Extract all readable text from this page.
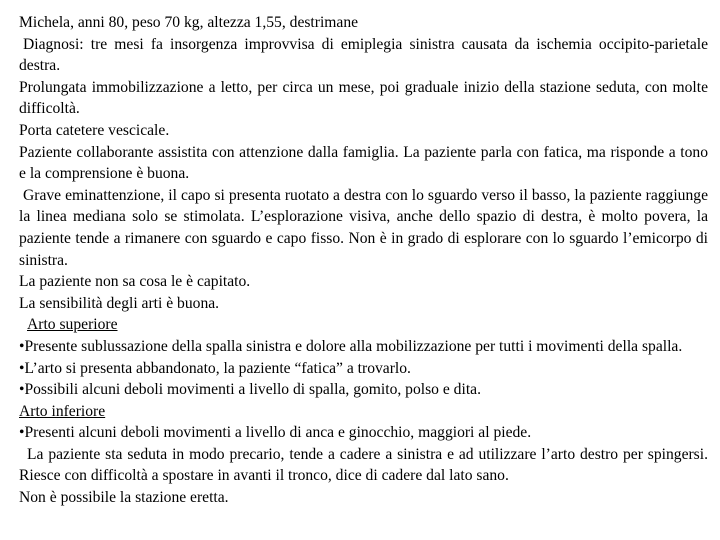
Michela, anni 80, peso 70 kg, altezza 1,55, destrimane

Diagnosi: tre mesi fa insorgenza improvvisa di emiplegia sinistra causata da ischemia occipito-parietale destra.

Prolungata immobilizzazione a letto, per circa un mese, poi graduale inizio della stazione seduta, con molte difficoltà.

Porta catetere vescicale.

Paziente collaborante assistita con attenzione dalla famiglia. La paziente parla con fatica, ma risponde a tono e la comprensione è buona.

Grave eminattenzione, il capo si presenta ruotato a destra con lo sguardo verso il basso, la paziente raggiunge la linea mediana solo se stimolata. L’esplorazione visiva, anche dello spazio di destra, è molto povera, la paziente tende a rimanere con sguardo e capo fisso. Non è in grado di esplorare con lo sguardo l’emicorpo di sinistra.

La paziente non sa cosa le è capitato.

La sensibilità degli arti è buona.

Arto superiore

•Presente sublussazione della spalla sinistra e dolore alla mobilizzazione per tutti i movimenti della spalla.

•L’arto si presenta abbandonato, la paziente “fatica” a trovarlo.

•Possibili alcuni deboli movimenti a livello di spalla, gomito, polso e dita.

Arto inferiore

•Presenti alcuni deboli movimenti a livello di anca e ginocchio, maggiori al piede.

La paziente sta seduta in modo precario, tende a cadere a sinistra e ad utilizzare l’arto destro per spingersi. Riesce con difficoltà a spostare in avanti il tronco, dice di cadere dal lato sano.

Non è possibile la stazione eretta.
